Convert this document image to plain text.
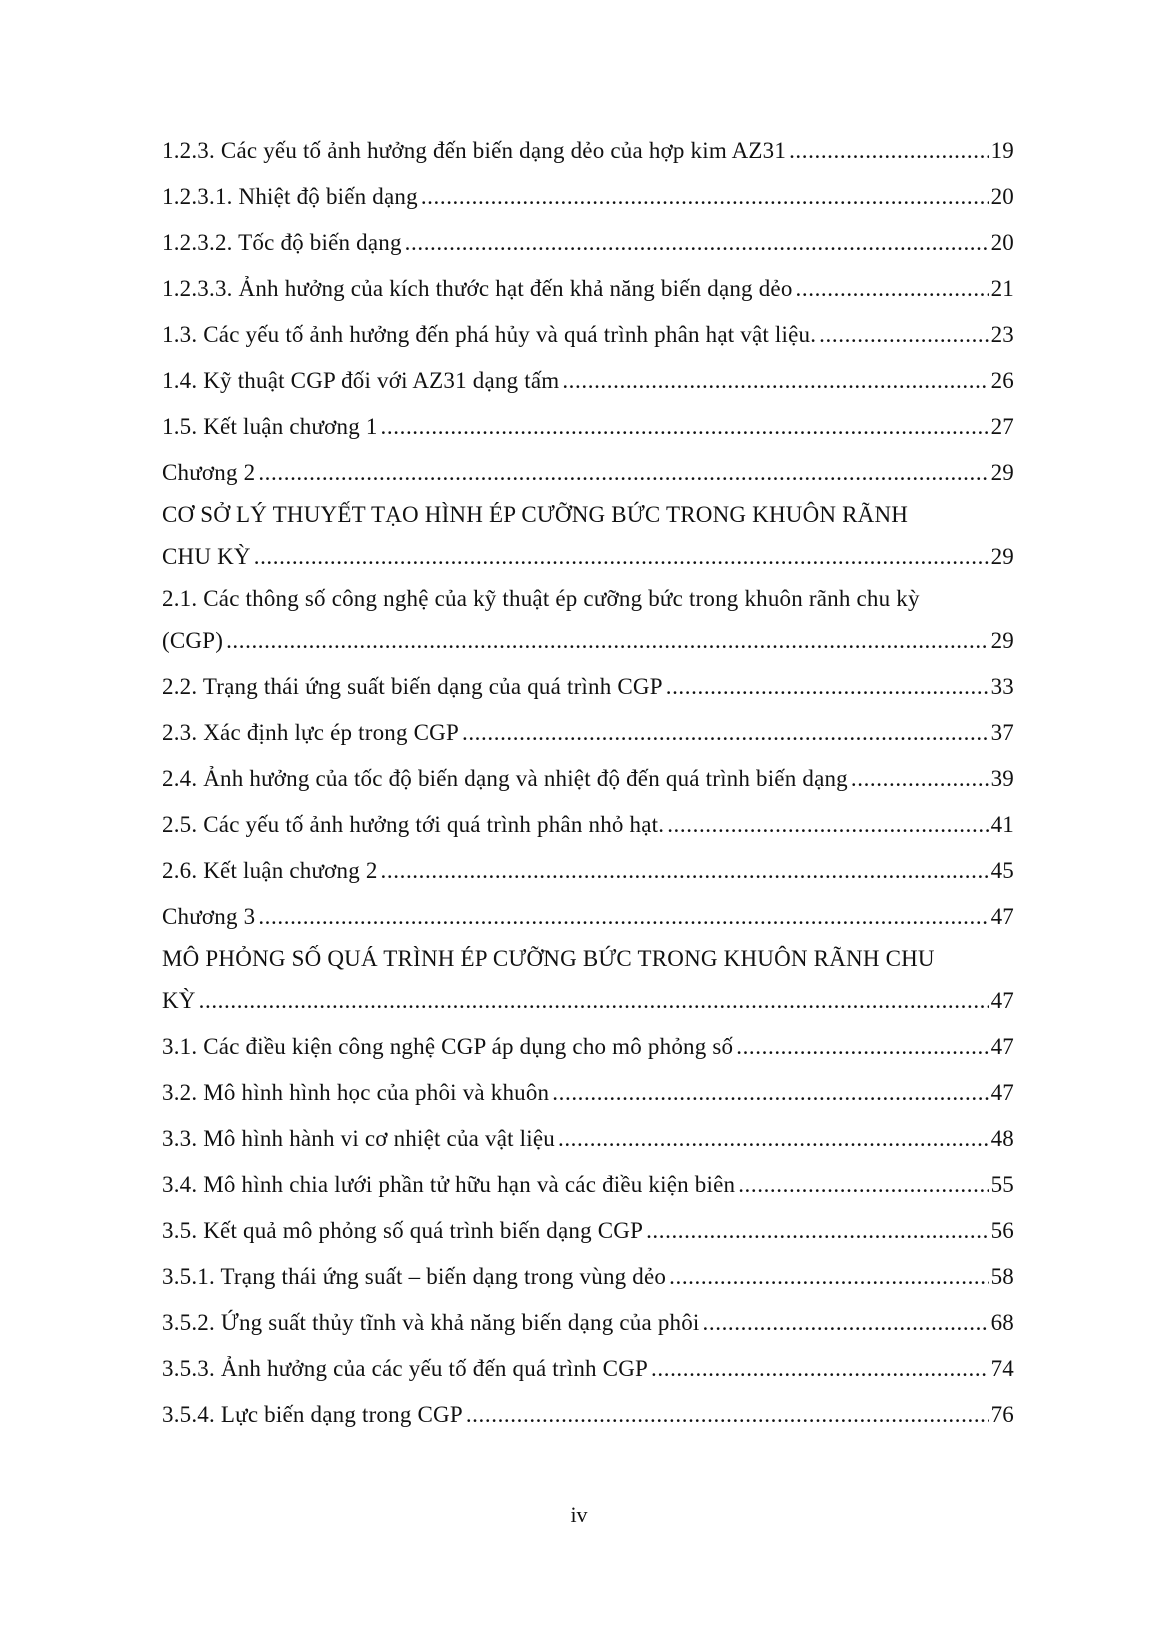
1.2.3. Các yếu tố ảnh hưởng đến biến dạng dẻo của hợp kim AZ31 .....	19
1.2.3.1. Nhiệt độ biến dạng .....	20
1.2.3.2. Tốc độ biến dạng .....	20
1.2.3.3. Ảnh hưởng của kích thước hạt đến khả năng biến dạng dẻo .....	21
1.3. Các yếu tố ảnh hưởng đến phá hủy và quá trình phân hạt vật liệu. .....	23
1.4. Kỹ thuật CGP đối với AZ31 dạng tấm .....	26
1.5. Kết luận chương 1 .....	27
Chương 2 .....	29
CƠ SỞ LÝ THUYẾT TẠO HÌNH ÉP CƯỠNG BỨC TRONG KHUÔN RÃNH
CHU KỲ .....	29
2.1. Các thông số công nghệ của kỹ thuật ép cưỡng bức trong khuôn rãnh chu kỳ
(CGP) .....	29
2.2. Trạng thái ứng suất biến dạng của quá trình CGP .....	33
2.3. Xác định lực ép trong CGP .....	37
2.4. Ảnh hưởng của tốc độ biến dạng và nhiệt độ đến quá trình biến dạng .....	39
2.5. Các yếu tố ảnh hưởng tới quá trình phân nhỏ hạt. .....	41
2.6. Kết luận chương 2 .....	45
Chương 3 .....	47
MÔ PHỎNG SỐ QUÁ TRÌNH ÉP CƯỠNG BỨC TRONG KHUÔN RÃNH CHU
KỲ .....	47
3.1. Các điều kiện công nghệ CGP áp dụng cho mô phỏng số .....	47
3.2. Mô hình hình học của phôi và khuôn .....	47
3.3. Mô hình hành vi cơ nhiệt của vật liệu .....	48
3.4. Mô hình chia lưới phần tử hữu hạn và các điều kiện biên .....	55
3.5. Kết quả mô phỏng số quá trình biến dạng CGP .....	56
3.5.1. Trạng thái ứng suất – biến dạng trong vùng dẻo .....	58
3.5.2. Ứng suất thủy tĩnh và khả năng biến dạng của phôi .....	68
3.5.3. Ảnh hưởng của các yếu tố đến quá trình CGP .....	74
3.5.4. Lực biến dạng trong CGP .....	76
iv
